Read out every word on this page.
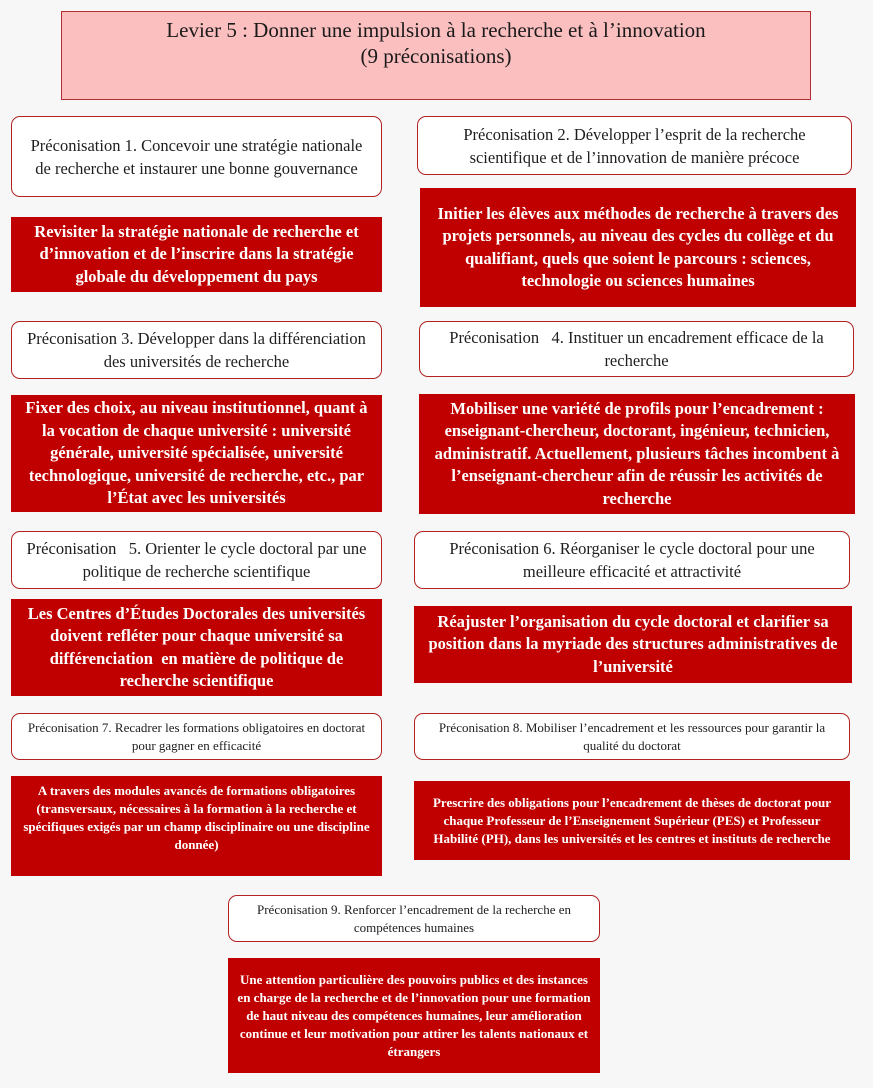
Levier 5 : Donner une impulsion à la recherche et à l’innovation
(9 préconisations)
Préconisation 1. Concevoir une stratégie nationale de recherche et instaurer une bonne gouvernance
Revisiter la stratégie nationale de recherche et d’innovation et de l’inscrire dans la stratégie globale du développement du pays
Préconisation 2. Développer l’esprit de la recherche scientifique et de l’innovation de manière précoce
Initier les élèves aux méthodes de recherche à travers des projets personnels, au niveau des cycles du collège et du qualifiant, quels que soient le parcours : sciences, technologie ou sciences humaines
Préconisation 3. Développer dans la différenciation des universités de recherche
Fixer des choix, au niveau institutionnel, quant à la vocation de chaque université : université générale, université spécialisée, université technologique, université de recherche, etc., par l’État avec les universités
Préconisation   4. Instituer un encadrement efficace de la recherche
Mobiliser une variété de profils pour l’encadrement : enseignant-chercheur, doctorant, ingénieur, technicien, administratif. Actuellement, plusieurs tâches incombent à l’enseignant-chercheur afin de réussir les activités de recherche
Préconisation   5. Orienter le cycle doctoral par une politique de recherche scientifique
Les Centres d’Études Doctorales des universités doivent refléter pour chaque université sa différenciation  en matière de politique de recherche scientifique
Préconisation 6. Réorganiser le cycle doctoral pour une meilleure efficacité et attractivité
Réajuster l’organisation du cycle doctoral et clarifier sa position dans la myriade des structures administratives de l’université
Préconisation 7. Recadrer les formations obligatoires en doctorat pour gagner en efficacité
A travers des modules avancés de formations obligatoires (transversaux, nécessaires à la formation à la recherche et spécifiques exigés par un champ disciplinaire ou une discipline donnée)
Préconisation 8. Mobiliser l’encadrement et les ressources pour garantir la qualité du doctorat
Prescrire des obligations pour l’encadrement de thèses de doctorat pour chaque Professeur de l’Enseignement Supérieur (PES) et Professeur Habilité (PH), dans les universités et les centres et instituts de recherche
Préconisation 9. Renforcer l’encadrement de la recherche en compétences humaines
Une attention particulière des pouvoirs publics et des instances en charge de la recherche et de l’innovation pour une formation de haut niveau des compétences humaines, leur amélioration continue et leur motivation pour attirer les talents nationaux et étrangers
